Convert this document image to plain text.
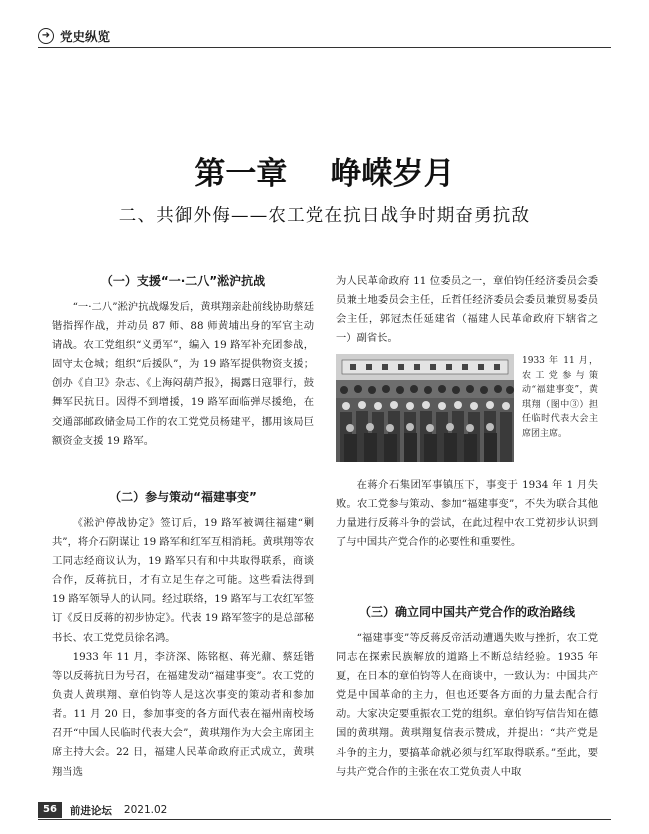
➜ 党史纵览
第一章    峥嵘岁月
二、共御外侮——农工党在抗日战争时期奋勇抗敌
（一）支援“一·二八”淞沪抗战

“一·二八”淞沪抗战爆发后，黄琪翔亲赴前线协助蔡廷锴指挥作战，并动员 87 师、88 师黄埔出身的军官主动请战。农工党组织“义勇军”，编入 19 路军补充团参战，固守太仓城；组织“后援队”，为 19 路军提供物资支援；创办《自卫》杂志、《上海闷葫芦报》，揭露日寇罪行，鼓舞军民抗日。因得不到增援，19 路军面临弹尽援绝，在交通部邮政储金局工作的农工党党员杨建平，挪用该局巨额资金支援 19 路军。

（二）参与策动“福建事变”

《淞沪停战协定》签订后，19 路军被调往福建“剿共”，将介石阴谋让 19 路军和红军互相消耗。黄琪翔等农工同志经商议认为，19 路军只有和中共取得联系，商谈合作，反蒋抗日，才有立足生存之可能。这些看法得到 19 路军领导人的认同。经过联络，19 路军与工农红军签订《反日反蒋的初步协定》。代表 19 路军签字的是总部秘书长、农工党党员徐名鸿。

1933 年 11 月，李济深、陈铭枢、蒋光鼐、蔡廷锴等以反蒋抗日为号召，在福建发动“福建事变”。农工党的负责人黄琪翔、章伯钧等人是这次事变的策动者和参加者。11 月 20 日，参加事变的各方面代表在福州南校场召开“中国人民临时代表大会”，黄琪翔作为大会主席团主席主持大会。22 日，福建人民革命政府正式成立，黄琪翔当选

为人民革命政府 11 位委员之一，章伯钧任经济委员会委员兼土地委员会主任，丘哲任经济委员会委员兼贸易委员会主任，郭冠杰任延建省（福建人民革命政府下辖省之一）副省长。

1933 年 11 月，农工党参与策动“福建事变”，黄琪翔（图中③）担任临时代表大会主席团主席。

在蒋介石集团军事镇压下，事变于 1934 年 1 月失败。农工党参与策动、参加“福建事变”，不失为联合其他力量进行反蒋斗争的尝试，在此过程中农工党初步认识到了与中国共产党合作的必要性和重要性。

（三）确立同中国共产党合作的政治路线

“福建事变”等反蒋反帝活动遭遇失败与挫折，农工党同志在探索民族解放的道路上不断总结经验。1935 年夏，在日本的章伯钧等人在商谈中，一致认为：中国共产党是中国革命的主力，但也还要各方面的力量去配合行动。大家决定要重振农工党的组织。章伯钧写信告知在德国的黄琪翔。黄琪翔复信表示赞成，并提出：“共产党是斗争的主力，要搞革命就必须与红军取得联系。”至此，要与共产党合作的主张在农工党负责人中取

56	前进论坛 2021.02
